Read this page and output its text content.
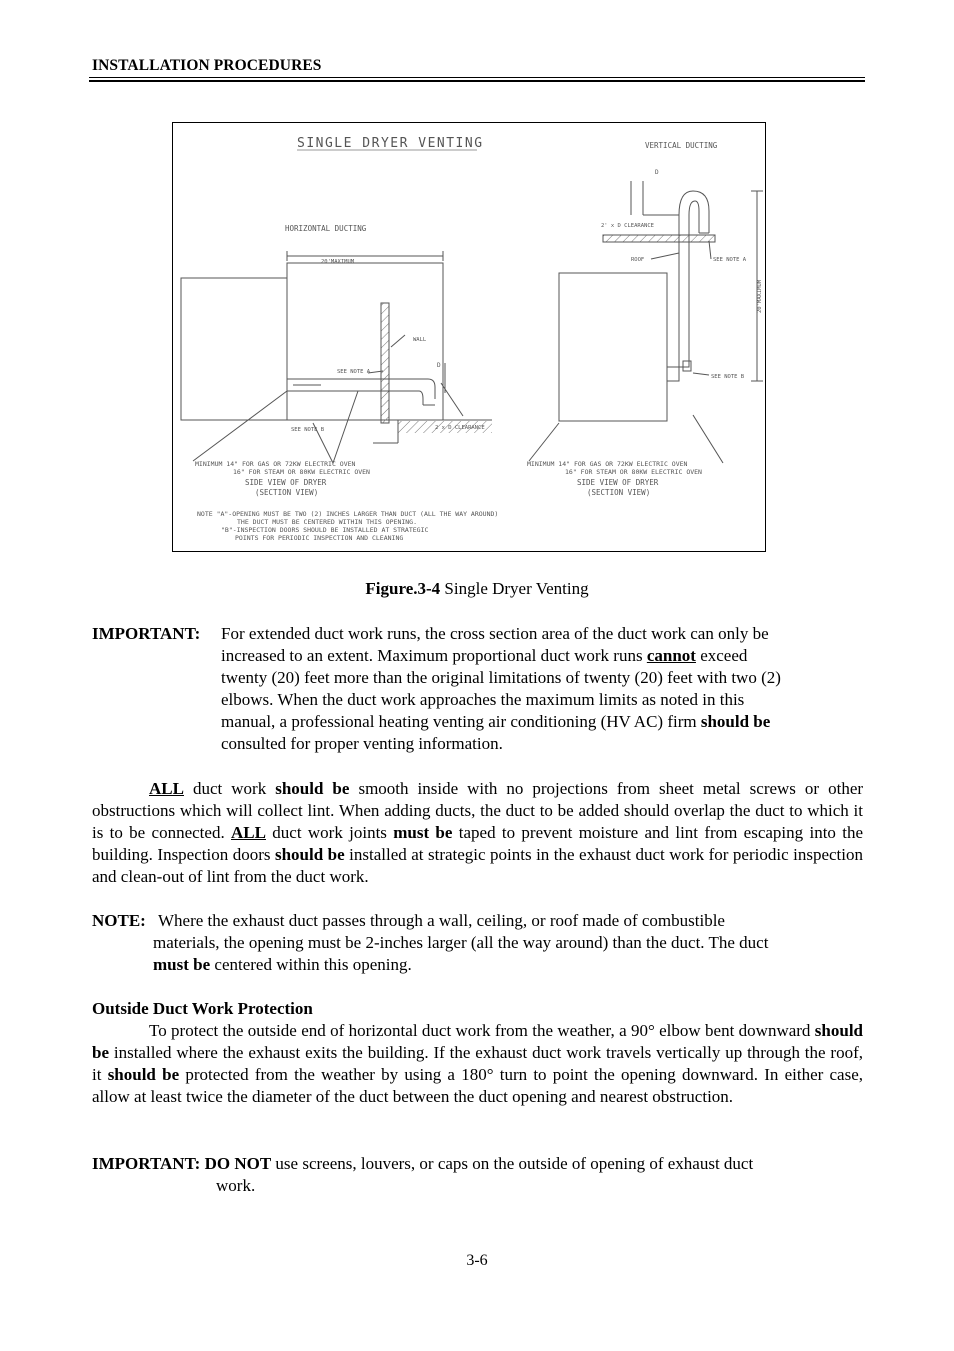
INSTALLATION PROCEDURES
SINGLE DRYER VENTING
HORIZONTAL DUCTING
VERTICAL DUCTING
20'MAXIMUM
WALL
D
SEE NOTE A
SEE NOTE B	2 x D CLEARANCE
D
2' x D CLEARANCE
ROOF	SEE NOTE A
SEE NOTE B
20'MAXIMUM
MINIMUM 14" FOR GAS OR 72KW ELECTRIC OVEN
16" FOR STEAM OR 80KW ELECTRIC OVEN
SIDE VIEW OF DRYER
(SECTION VIEW)
MINIMUM 14" FOR GAS OR 72KW ELECTRIC OVEN
16" FOR STEAM OR 80KW ELECTRIC OVEN
SIDE VIEW OF DRYER
(SECTION VIEW)
NOTE "A"-OPENING MUST BE TWO (2) INCHES LARGER THAN DUCT (ALL THE WAY AROUND)
THE DUCT MUST BE CENTERED WITHIN THIS OPENING.
"B"-INSPECTION DOORS SHOULD BE INSTALLED AT STRATEGIC
POINTS FOR PERIODIC INSPECTION AND CLEANING
Figure.3-4 Single Dryer Venting
IMPORTANT: For extended duct work runs, the cross section area of the duct work can only be
increased to an extent. Maximum proportional duct work runs cannot exceed
twenty (20) feet more than the original limitations of twenty (20) feet with two (2)
elbows. When the duct work approaches the maximum limits as noted in this
manual, a professional heating venting air conditioning (HV AC) firm should be
consulted for proper venting information.
ALL duct work should be smooth inside with no projections from sheet metal screws or other obstructions which will collect lint. When adding ducts, the duct to be added should overlap the duct to which it is to be connected. ALL duct work joints must be taped to prevent moisture and lint from escaping into the building. Inspection doors should be installed at strategic points in the exhaust duct work for periodic inspection and clean-out of lint from the duct work.
NOTE: Where the exhaust duct passes through a wall, ceiling, or roof made of combustible
materials, the opening must be 2-inches larger (all the way around) than the duct. The duct
must be centered within this opening.
Outside Duct Work Protection
To protect the outside end of horizontal duct work from the weather, a 90° elbow bent downward should be installed where the exhaust exits the building. If the exhaust duct work travels vertically up through the roof, it should be protected from the weather by using a 180° turn to point the opening downward. In either case, allow at least twice the diameter of the duct between the duct opening and nearest obstruction.
IMPORTANT: DO NOT use screens, louvers, or caps on the outside of opening of exhaust duct
work.
3-6
